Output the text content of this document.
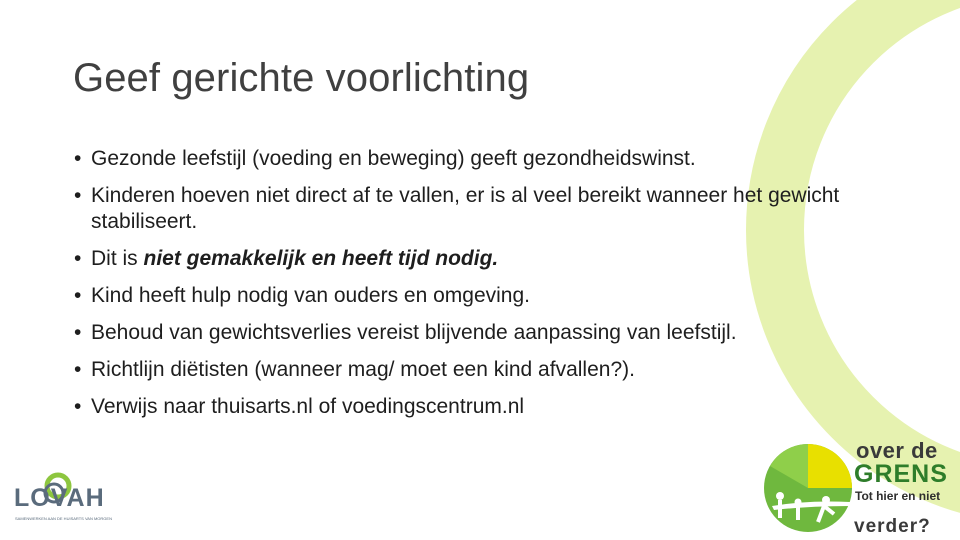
Geef gerichte voorlichting
• Gezonde leefstijl (voeding en beweging) geeft gezondheidswinst.
• Kinderen hoeven niet direct af te vallen, er is al veel bereikt wanneer het gewicht stabiliseert.
• Dit is niet gemakkelijk en heeft tijd nodig.
• Kind heeft hulp nodig van ouders en omgeving.
• Behoud van gewichtsverlies vereist blijvende aanpassing van leefstijl.
• Richtlijn diëtisten (wanneer mag/ moet een kind afvallen?).
• Verwijs naar thuisarts.nl of voedingscentrum.nl
LOVAH
SAMENWERKEN AAN DE HUISARTS VAN MORGEN
over de
GRENS
Tot hier en niet
verder?
